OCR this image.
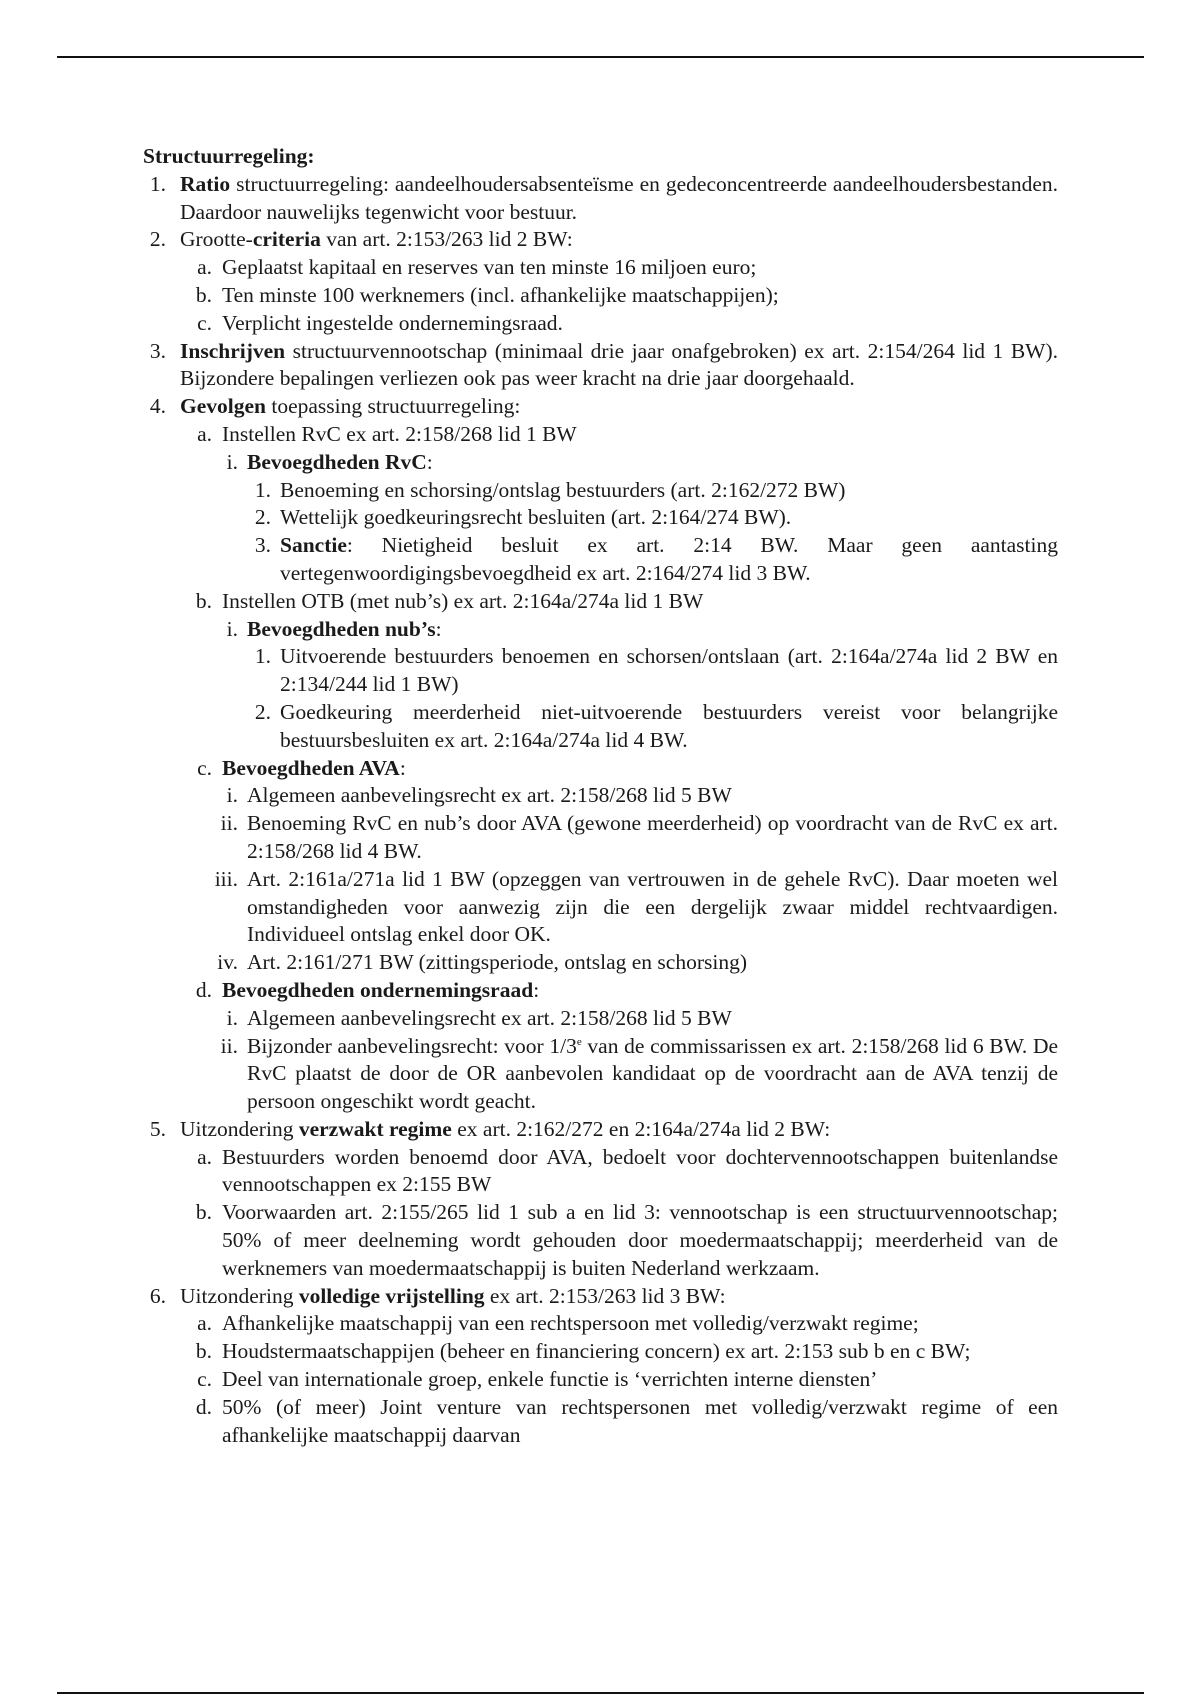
Structuurregeling:
1. Ratio structuurregeling: aandeelhoudersabsenteïsme en gedeconcentreerde aandeelhoudersbestanden. Daardoor nauwelijks tegenwicht voor bestuur.
2. Grootte-criteria van art. 2:153/263 lid 2 BW:
a. Geplaatst kapitaal en reserves van ten minste 16 miljoen euro;
b. Ten minste 100 werknemers (incl. afhankelijke maatschappijen);
c. Verplicht ingestelde ondernemingsraad.
3. Inschrijven structuurvennootschap (minimaal drie jaar onafgebroken) ex art. 2:154/264 lid 1 BW). Bijzondere bepalingen verliezen ook pas weer kracht na drie jaar doorgehaald.
4. Gevolgen toepassing structuurregeling:
a. Instellen RvC ex art. 2:158/268 lid 1 BW
i. Bevoegdheden RvC:
1. Benoeming en schorsing/ontslag bestuurders (art. 2:162/272 BW)
2. Wettelijk goedkeuringsrecht besluiten (art. 2:164/274 BW).
3. Sanctie: Nietigheid besluit ex art. 2:14 BW. Maar geen aantasting vertegenwoordigingsbevoegdheid ex art. 2:164/274 lid 3 BW.
b. Instellen OTB (met nub’s) ex art. 2:164a/274a lid 1 BW
i. Bevoegdheden nub’s:
1. Uitvoerende bestuurders benoemen en schorsen/ontslaan (art. 2:164a/274a lid 2 BW en 2:134/244 lid 1 BW)
2. Goedkeuring meerderheid niet-uitvoerende bestuurders vereist voor belangrijke bestuursbesluiten ex art. 2:164a/274a lid 4 BW.
c. Bevoegdheden AVA:
i. Algemeen aanbevelingsrecht ex art. 2:158/268 lid 5 BW
ii. Benoeming RvC en nub’s door AVA (gewone meerderheid) op voordracht van de RvC ex art. 2:158/268 lid 4 BW.
iii. Art. 2:161a/271a lid 1 BW (opzeggen van vertrouwen in de gehele RvC). Daar moeten wel omstandigheden voor aanwezig zijn die een dergelijk zwaar middel rechtvaardigen. Individueel ontslag enkel door OK.
iv. Art. 2:161/271 BW (zittingsperiode, ontslag en schorsing)
d. Bevoegdheden ondernemingsraad:
i. Algemeen aanbevelingsrecht ex art. 2:158/268 lid 5 BW
ii. Bijzonder aanbevelingsrecht: voor 1/3e van de commissarissen ex art. 2:158/268 lid 6 BW. De RvC plaatst de door de OR aanbevolen kandidaat op de voordracht aan de AVA tenzij de persoon ongeschikt wordt geacht.
5. Uitzondering verzwakt regime ex art. 2:162/272 en 2:164a/274a lid 2 BW:
a. Bestuurders worden benoemd door AVA, bedoelt voor dochtervennootschappen buitenlandse vennootschappen ex 2:155 BW
b. Voorwaarden art. 2:155/265 lid 1 sub a en lid 3: vennootschap is een structuurvennootschap; 50% of meer deelneming wordt gehouden door moedermaatschappij; meerderheid van de werknemers van moedermaatschappij is buiten Nederland werkzaam.
6. Uitzondering volledige vrijstelling ex art. 2:153/263 lid 3 BW:
a. Afhankelijke maatschappij van een rechtspersoon met volledig/verzwakt regime;
b. Houdstermaatschappijen (beheer en financiering concern) ex art. 2:153 sub b en c BW;
c. Deel van internationale groep, enkele functie is ‘verrichten interne diensten’
d. 50% (of meer) Joint venture van rechtspersonen met volledig/verzwakt regime of een afhankelijke maatschappij daarvan
